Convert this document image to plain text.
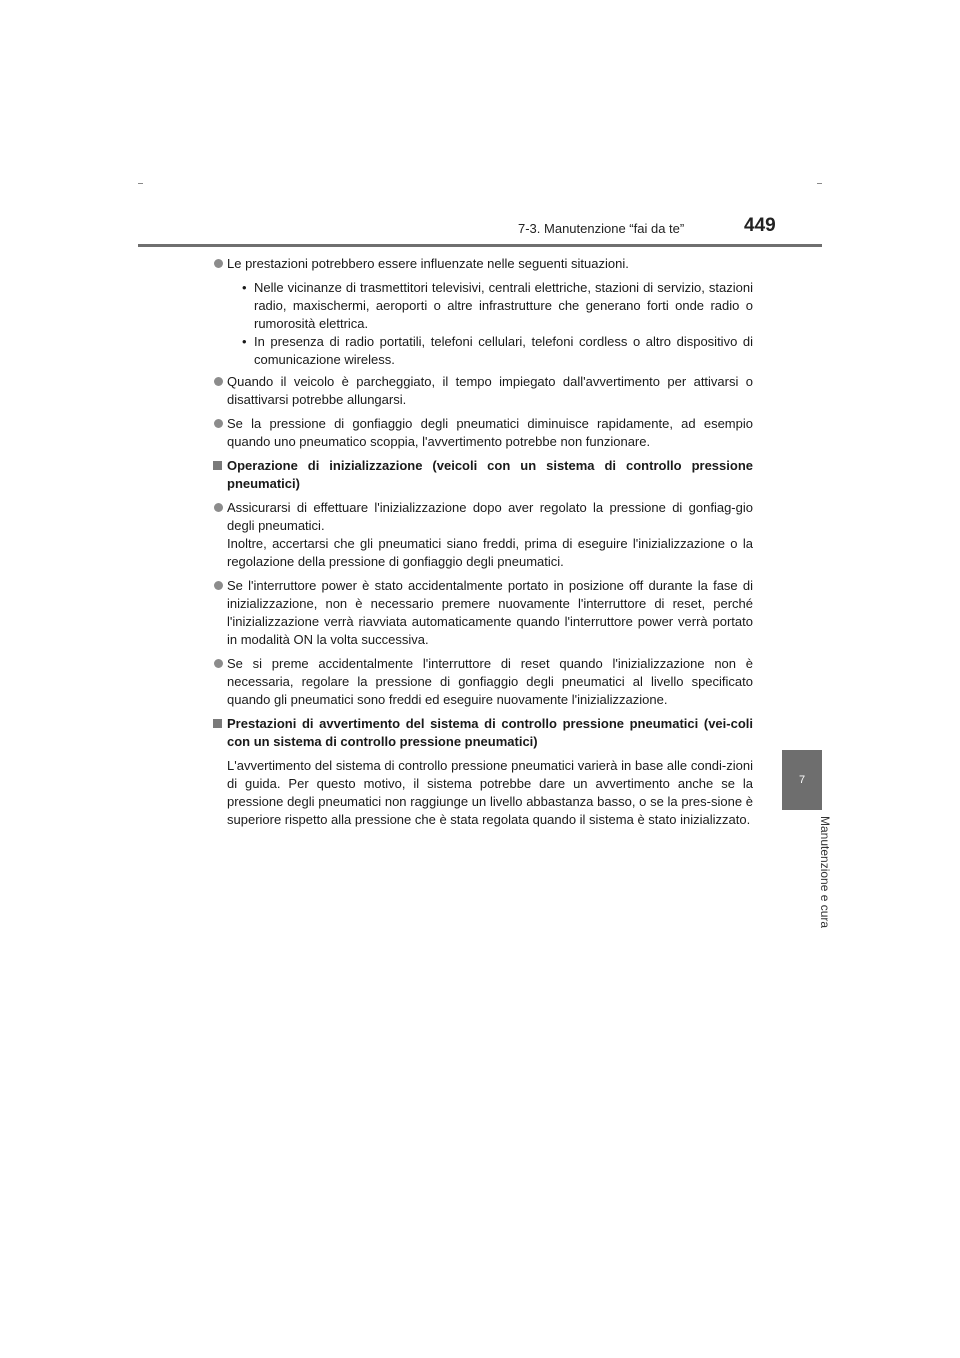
7-3. Manutenzione “fai da te”	449
7
Manutenzione e cura
Le prestazioni potrebbero essere influenzate nelle seguenti situazioni.
• Nelle vicinanze di trasmettitori televisivi, centrali elettriche, stazioni di servizio, stazioni radio, maxischermi, aeroporti o altre infrastrutture che generano forti onde radio o rumorosità elettrica.
• In presenza di radio portatili, telefoni cellulari, telefoni cordless o altro dispositivo di comunicazione wireless.
Quando il veicolo è parcheggiato, il tempo impiegato dall'avvertimento per attivarsi o disattivarsi potrebbe allungarsi.
Se la pressione di gonfiaggio degli pneumatici diminuisce rapidamente, ad esempio quando uno pneumatico scoppia, l'avvertimento potrebbe non funzionare.
Operazione di inizializzazione (veicoli con un sistema di controllo pressione pneumatici)
Assicurarsi di effettuare l'inizializzazione dopo aver regolato la pressione di gonfiag-gio degli pneumatici.
Inoltre, accertarsi che gli pneumatici siano freddi, prima di eseguire l'inizializzazione o la regolazione della pressione di gonfiaggio degli pneumatici.
Se l'interruttore power è stato accidentalmente portato in posizione off durante la fase di inizializzazione, non è necessario premere nuovamente l'interruttore di reset, perché l'inizializzazione verrà riavviata automaticamente quando l'interruttore power verrà portato in modalità ON la volta successiva.
Se si preme accidentalmente l'interruttore di reset quando l'inizializzazione non è necessaria, regolare la pressione di gonfiaggio degli pneumatici al livello specificato quando gli pneumatici sono freddi ed eseguire nuovamente l'inizializzazione.
Prestazioni di avvertimento del sistema di controllo pressione pneumatici (vei-coli con un sistema di controllo pressione pneumatici)
L'avvertimento del sistema di controllo pressione pneumatici varierà in base alle condi-zioni di guida. Per questo motivo, il sistema potrebbe dare un avvertimento anche se la pressione degli pneumatici non raggiunge un livello abbastanza basso, o se la pres-sione è superiore rispetto alla pressione che è stata regolata quando il sistema è stato inizializzato.
